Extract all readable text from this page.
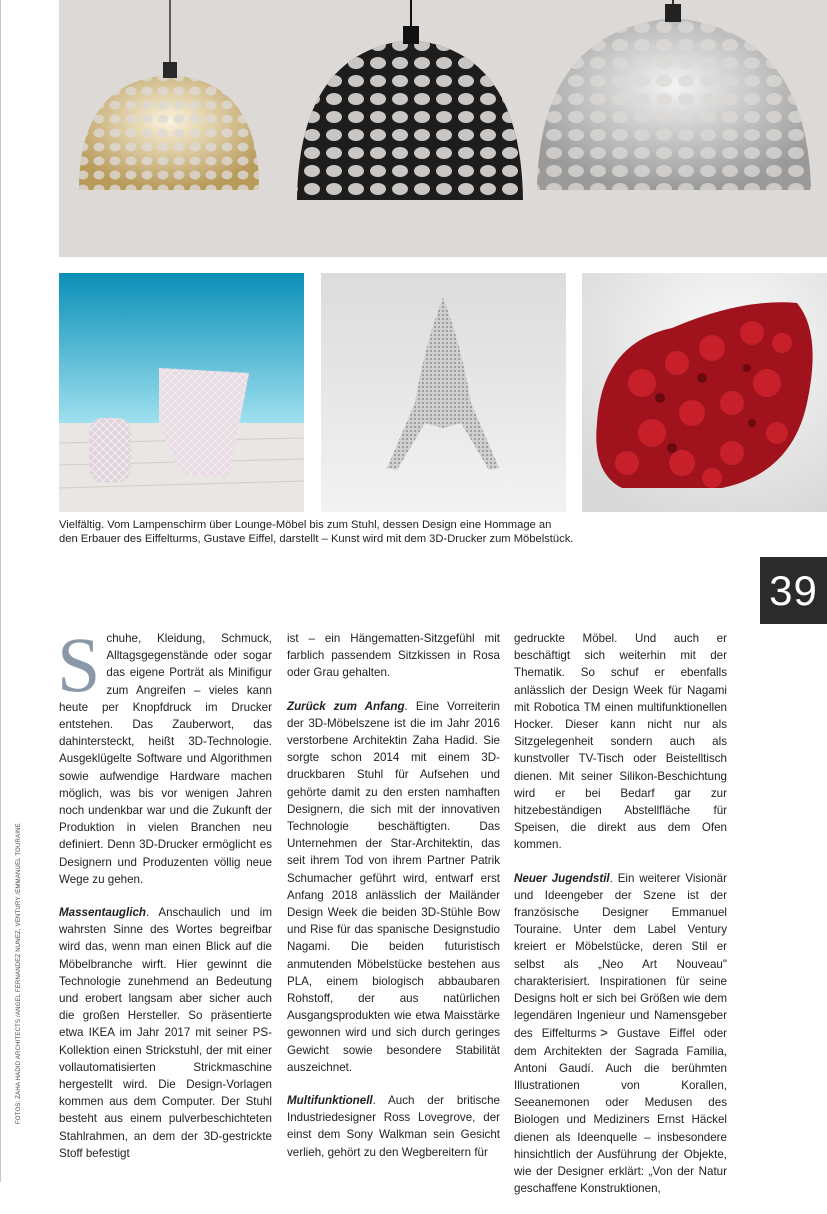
Vielfältig. Vom Lampenschirm über Lounge-Möbel bis zum Stuhl, dessen Design eine Hommage an
den Erbauer des Eiffelturms, Gustave Eiffel, darstellt – Kunst wird mit dem 3D-Drucker zum Möbelstück.
39
FOTOS: ZAHA HADID ARCHITECTS /ANGEL FERNANDEZ NUNEZ, VENTURY /EMMANUEL TOURAINE

Schuhe, Kleidung, Schmuck, Alltagsgegenstände oder sogar das eigene Porträt als Minifigur zum Angreifen – vieles kann heute per Knopfdruck im Drucker entstehen. Das Zauberwort, das dahintersteckt, heißt 3D-Technologie. Ausgeklügelte Software und Algorithmen sowie aufwendige Hardware machen möglich, was bis vor wenigen Jahren noch undenkbar war und die Zukunft der Produktion in vielen Branchen neu definiert. Denn 3D-Drucker ermöglicht es Designern und Produzenten völlig neue Wege zu gehen.

Massentauglich. Anschaulich und im wahrsten Sinne des Wortes begreifbar wird das, wenn man einen Blick auf die Möbelbranche wirft. Hier gewinnt die Technologie zunehmend an Bedeutung und erobert langsam aber sicher auch die großen Hersteller. So präsentierte etwa IKEA im Jahr 2017 mit seiner PS-Kollektion einen Strickstuhl, der mit einer vollautomatisierten Strickmaschine hergestellt wird. Die Design-Vorlagen kommen aus dem Computer. Der Stuhl besteht aus einem pulverbeschichteten Stahlrahmen, an dem der 3D-gestrickte Stoff befestigt

ist – ein Hängematten-Sitzgefühl mit farblich passendem Sitzkissen in Rosa oder Grau gehalten.

Zurück zum Anfang. Eine Vorreiterin der 3D-Möbelszene ist die im Jahr 2016 verstorbene Architektin Zaha Hadid. Sie sorgte schon 2014 mit einem 3D-druckbaren Stuhl für Aufsehen und gehörte damit zu den ersten namhaften Designern, die sich mit der innovativen Technologie beschäftigten. Das Unternehmen der Star-Architektin, das seit ihrem Tod von ihrem Partner Patrik Schumacher geführt wird, entwarf erst Anfang 2018 anlässlich der Mailänder Design Week die beiden 3D-Stühle Bow und Rise für das spanische Designstudio Nagami. Die beiden futuristisch anmutenden Möbelstücke bestehen aus PLA, einem biologisch abbaubaren Rohstoff, der aus natürlichen Ausgangsprodukten wie etwa Maisstärke gewonnen wird und sich durch geringes Gewicht sowie besondere Stabilität auszeichnet.

Multifunktionell. Auch der britische Industriedesigner Ross Lovegrove, der einst dem Sony Walkman sein Gesicht verlieh, gehört zu den Wegbereitern für

gedruckte Möbel. Und auch er beschäftigt sich weiterhin mit der Thematik. So schuf er ebenfalls anlässlich der Design Week für Nagami mit Robotica TM einen multifunktionellen Hocker. Dieser kann nicht nur als Sitzgelegenheit sondern auch als kunstvoller TV-Tisch oder Beistelltisch dienen. Mit seiner Silikon-Beschichtung wird er bei Bedarf gar zur hitzebeständigen Abstellfläche für Speisen, die direkt aus dem Ofen kommen.

Neuer Jugendstil. Ein weiterer Visionär und Ideengeber der Szene ist der französische Designer Emmanuel Touraine. Unter dem Label Ventury kreiert er Möbelstücke, deren Stil er selbst als „Neo Art Nouveau" charakterisiert. Inspirationen für seine Designs holt er sich bei Größen wie dem legendären Ingenieur und Namensgeber des Eiffelturms > Gustave Eiffel oder dem Architekten der Sagrada Familia, Antoni Gaudí. Auch die berühmten Illustrationen von Korallen, Seeanemonen oder Medusen des Biologen und Mediziners Ernst Häckel dienen als Ideenquelle – insbesondere hinsichtlich der Ausführung der Objekte, wie der Designer erklärt: „Von der Natur geschaffene Konstruktionen,
